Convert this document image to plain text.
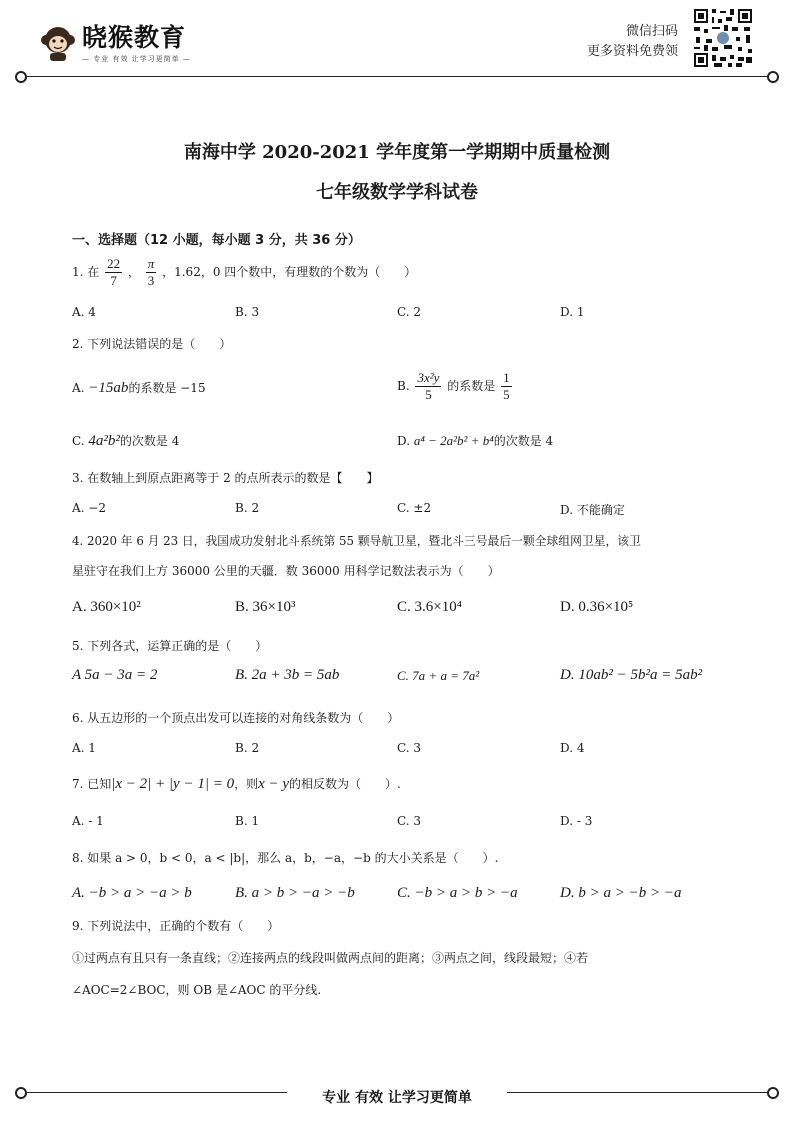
晓猴教育
— 专业 有效 让学习更简单 —
微信扫码
更多资料免费领
南海中学 2020-2021 学年度第一学期期中质量检测
七年级数学学科试卷
一、选择题（12 小题，每小题 3 分，共 36 分）
1. 在 $\frac{22}{7}$ ， $\frac{\pi}{3}$ ，1.62，0 四个数中，有理数的个数为（　　）
A. 4	B. 3	C. 2	D. 1
2. 下列说法错误的是（　　）
A. −15ab的系数是 −15	B. $\frac{\text{3x²y}}{5}$ 的系数是 $\frac{1}{5}$
C. 4a²b²的次数是 4	D. a⁴ − 2a²b² + b⁴的次数是 4
3. 在数轴上到原点距离等于 2 的点所表示的数是【　　】
A. −2	B. 2	C. ±2	D. 不能确定
4. 2020 年 6 月 23 日，我国成功发射北斗系统第 55 颗导航卫星，暨北斗三号最后一颗全球组网卫星，该卫
星驻守在我们上方 36000 公里的天疆．数 36000 用科学记数法表示为（　　）
A. 360×10²	B. 36×10³	C. 3.6×10⁴	D. 0.36×10⁵
5. 下列各式，运算正确的是（　　）
A 5a − 3a = 2	B. 2a + 3b = 5ab	C. 7a + a = 7a²	D. 10ab² − 5b²a = 5ab²
6. 从五边形的一个顶点出发可以连接的对角线条数为（　　）
A. 1	B. 2	C. 3	D. 4
7. 已知|x − 2| + |y − 1| = 0，则x − y的相反数为（　　）.
A. - 1	B. 1	C. 3	D. - 3
8. 如果 a > 0，b < 0，a < |b|，那么 a，b，−a，−b 的大小关系是（　　）.
A. −b > a > −a > b	B. a > b > −a > −b	C. −b > a > b > −a	D. b > a > −b > −a
9. 下列说法中，正确的个数有（　　）
①过两点有且只有一条直线；②连接两点的线段叫做两点间的距离；③两点之间，线段最短；④若
∠AOC=2∠BOC，则 OB 是∠AOC 的平分线.
专业 有效 让学习更简单
